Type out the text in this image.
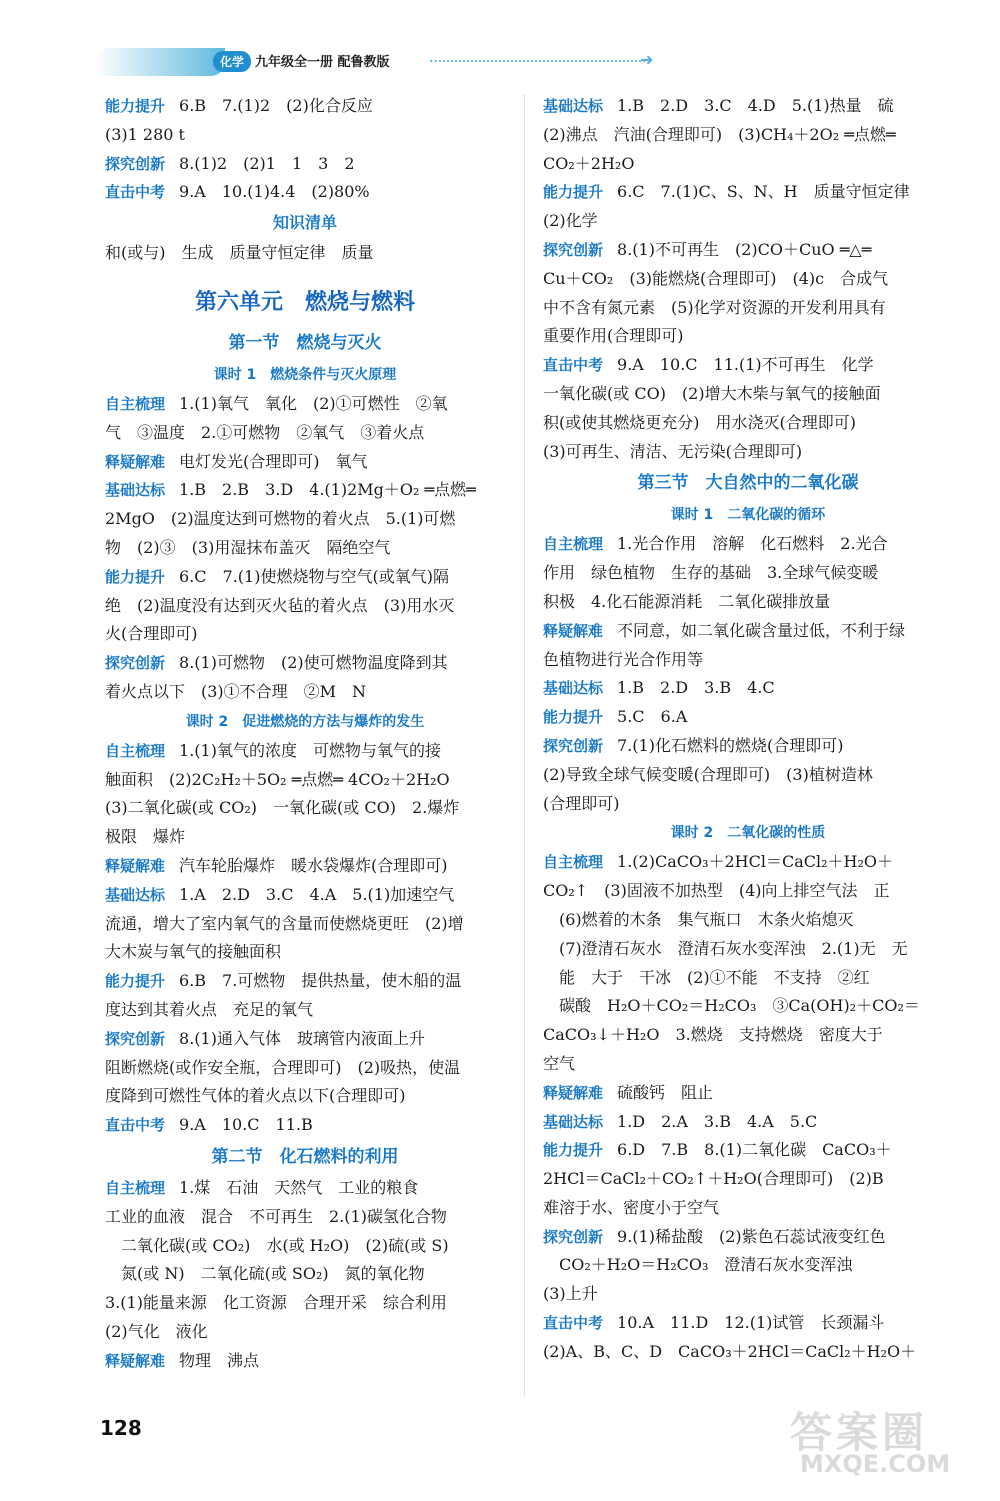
化学 九年级全一册 配鲁教版	➜
能力提升 6.B　7.(1)2　(2)化合反应
(3)1 280 t
探究创新 8.(1)2　(2)1　1　3　2
直击中考 9.A　10.(1)4.4　(2)80%
知识清单
和(或与)　生成　质量守恒定律　质量
第六单元　燃烧与燃料
第一节　燃烧与灭火
课时 1　燃烧条件与灭火原理
自主梳理 1.(1)氧气　氧化　(2)①可燃性　②氧
气　③温度　2.①可燃物　②氧气　③着火点
释疑解难 电灯发光(合理即可)　氧气
基础达标 1.B　2.B　3.D　4.(1)2Mg＋O₂ ═点燃═
2MgO　(2)温度达到可燃物的着火点　5.(1)可燃
物　(2)③　(3)用湿抹布盖灭　隔绝空气
能力提升 6.C　7.(1)使燃烧物与空气(或氧气)隔
绝　(2)温度没有达到灭火毡的着火点　(3)用水灭
火(合理即可)
探究创新 8.(1)可燃物　(2)使可燃物温度降到其
着火点以下　(3)①不合理　②M　N
课时 2　促进燃烧的方法与爆炸的发生
自主梳理 1.(1)氧气的浓度　可燃物与氧气的接
触面积　(2)2C₂H₂＋5O₂ ═点燃═ 4CO₂＋2H₂O
(3)二氧化碳(或 CO₂)　一氧化碳(或 CO)　2.爆炸
极限　爆炸
释疑解难 汽车轮胎爆炸　暖水袋爆炸(合理即可)
基础达标 1.A　2.D　3.C　4.A　5.(1)加速空气
流通，增大了室内氧气的含量而使燃烧更旺　(2)增
大木炭与氧气的接触面积
能力提升 6.B　7.可燃物　提供热量，使木船的温
度达到其着火点　充足的氧气
探究创新 8.(1)通入气体　玻璃管内液面上升
阻断燃烧(或作安全瓶，合理即可)　(2)吸热，使温
度降到可燃性气体的着火点以下(合理即可)
直击中考 9.A　10.C　11.B
第二节　化石燃料的利用
自主梳理 1.煤　石油　天然气　工业的粮食
工业的血液　混合　不可再生　2.(1)碳氢化合物
　二氧化碳(或 CO₂)　水(或 H₂O)　(2)硫(或 S)
　氮(或 N)　二氧化硫(或 SO₂)　氮的氧化物
3.(1)能量来源　化工资源　合理开采　综合利用
(2)气化　液化
释疑解难 物理　沸点
基础达标 1.B　2.D　3.C　4.D　5.(1)热量　硫
(2)沸点　汽油(合理即可)　(3)CH₄＋2O₂ ═点燃═
CO₂＋2H₂O
能力提升 6.C　7.(1)C、S、N、H　质量守恒定律
(2)化学
探究创新 8.(1)不可再生　(2)CO＋CuO ═△═
Cu＋CO₂　(3)能燃烧(合理即可)　(4)c　合成气
中不含有氮元素　(5)化学对资源的开发利用具有
重要作用(合理即可)
直击中考 9.A　10.C　11.(1)不可再生　化学
一氧化碳(或 CO)　(2)增大木柴与氧气的接触面
积(或使其燃烧更充分)　用水浇灭(合理即可)
(3)可再生、清洁、无污染(合理即可)
第三节　大自然中的二氧化碳
课时 1　二氧化碳的循环
自主梳理 1.光合作用　溶解　化石燃料　2.光合
作用　绿色植物　生存的基础　3.全球气候变暖
积极　4.化石能源消耗　二氧化碳排放量
释疑解难 不同意，如二氧化碳含量过低，不利于绿
色植物进行光合作用等
基础达标 1.B　2.D　3.B　4.C
能力提升 5.C　6.A
探究创新 7.(1)化石燃料的燃烧(合理即可)
(2)导致全球气候变暖(合理即可)　(3)植树造林
(合理即可)
课时 2　二氧化碳的性质
自主梳理 1.(2)CaCO₃＋2HCl＝CaCl₂＋H₂O＋
CO₂↑　(3)固液不加热型　(4)向上排空气法　正
　(6)燃着的木条　集气瓶口　木条火焰熄灭
　(7)澄清石灰水　澄清石灰水变浑浊　2.(1)无　无
　能　大于　干冰　(2)①不能　不支持　②红
　碳酸　H₂O＋CO₂＝H₂CO₃　③Ca(OH)₂＋CO₂＝
CaCO₃↓＋H₂O　3.燃烧　支持燃烧　密度大于
空气
释疑解难 硫酸钙　阻止
基础达标 1.D　2.A　3.B　4.A　5.C
能力提升 6.D　7.B　8.(1)二氧化碳　CaCO₃＋
2HCl＝CaCl₂＋CO₂↑＋H₂O(合理即可)　(2)B
难溶于水、密度小于空气
探究创新 9.(1)稀盐酸　(2)紫色石蕊试液变红色
　CO₂＋H₂O＝H₂CO₃　澄清石灰水变浑浊
(3)上升
直击中考 10.A　11.D　12.(1)试管　长颈漏斗
(2)A、B、C、D　CaCO₃＋2HCl＝CaCl₂＋H₂O＋
128	答案圈
MXQE.COM
